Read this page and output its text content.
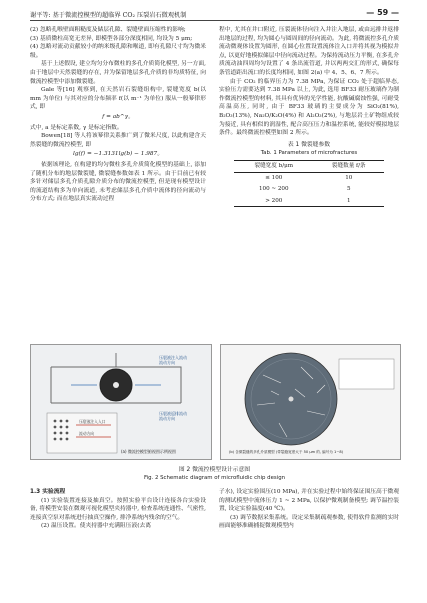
谢平等: 基于微流控模型的超临界 CO₂ 压裂岩石微观机制	— 59 —

(2) 忽略孔喉壁面粗糙度及储层孔隙、裂缝壁面压缩性的影响;

(3) 基质微柱高宽无差异, 即模型各部分深度相同, 均设为 5 μm;

(4) 忽略对流动贡献较小的纳米级孔隙和喉道, 即有孔隙尺寸均为微米级。

基于上述假设, 建立均匀分布微柱的多孔介质简化模型, 另一方面, 由于地层中天然裂缝的存在, 并为保留地层多孔介质的非均质特征, 向微流控模型中添加微裂缝。

Gale 等[16] 观察到, 在天然岩石裂缝组构中, 裂缝宽度 b(以 mm 为单位) 与其对应的分布频率 f(以 m⁻¹ 为单位) 服从一般幂律形式, 即

f = ab^γ。

式中, a 是标定系数, γ 是标定指数。

Bowen[18] 等人将该幂律关系推广到了微米尺度, 以此构建含天然裂缝的微流控模型, 即

lg(f) = −1.3131lg(b) − 1.987。

依据该理论, 在构建的均匀微柱多孔介质简化模型的基础上, 添加了随机分布的地层微裂缝, 微裂缝参数如表 1 所示。由于目前已有较多针对储层多孔介质孔隙介质分布的微流控模型, 但是现有模型设计的流道结构多为单向流道, 未考虑储层多孔介质中流体的径向流动与分布方式; 而在地层真实流动过程

程中, 尤其在井口附近, 压裂流体径向注入井注入地层, 或由远排井返排出地层的过程, 均为圆心与圆周间的径向流动。为此, 将微流控多孔介质流动微观体设置为圆形, 在圆心位置设置流体注入口并将其视为模拟井点, 以更好地模拟储层中径向流动过程。为保持流动压力平衡, 在多孔介质流动油四周均匀设置了 4 条出流管道, 并以两两交汇的形式, 确保每条管道距出流口的长度均相同, 如图 2(a) 中 4、5、6、7 所示。

由于 CO₂ 的临界压力为 7.38 MPa, 为保证 CO₂ 处于超临界态, 实验压力需要达到 7.38 MPa 以上, 为此, 选用 BF33 耐压玻璃作为制作微流控模型的材料, 其具有优异的光学性能, 抗酸碱腐蚀性强, 可耐受高温高压, 同时, 由于 BF33 玻璃的主要成分为 SiO₂(81%), B₂O₃(13%), Na₂O/K₂O(4%) 和 Al₂O₃(2%), 与地层岩土矿物组成较为接近, 具有相似的润湿性, 配合高压压力和温控系统, 能较好模拟地层条件。最终微流控模型如图 2 所示。

表 1 微裂缝参数
Tab. 1 Parameters of microfractures
裂缝宽度 b/μm	裂缝数量 f/条
≤ 100	10
100 ~ 200	5
> 200	1
压裂液注入流动
流动方向
压裂液返排流动
流动方向
压裂液注入入口
流动方向
(a) 微流控模型俯视图示例视图	(b) 含微裂缝的多孔介质模型 (带裂缝宽度大于 50 μm 的, 编号为 1~8)
图 2 微流控模型设计示意图
Fig. 2 Schematic diagram of microfluidic chip design

1.3 实验流程

(1) 实验装置连接及抽真空。按照实验平台设计连接各台实验设备, 将模型安装在微观可视化模型夹持器中, 检查系统连通性、气密性, 连接真空泵对系统进行抽真空操作, 排净系统内残余的空气。

(2) 温压设置。使夹持器中充满阻压液(去离

子水), 设定实验围压(10 MPa), 并在实验过程中始终保证围压高于微观的测试模型中流体压力 1 ~ 2 MPa, 以保护微观制备模型; 调节温控装置, 设定实验温度(40 ℃)。

(3) 调节数据采集系统。设定采集制疏观参数, 使得软件监测的实时画面能够准确捕捉微观模型内
